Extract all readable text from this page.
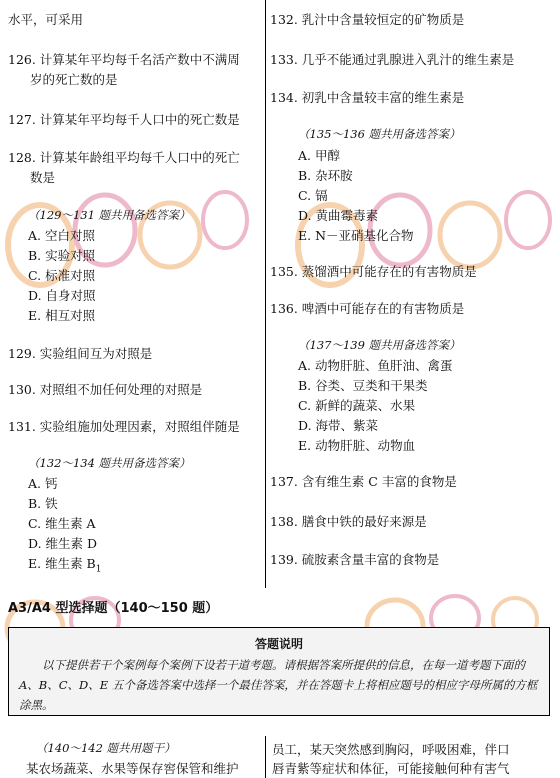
水平，可采用
126. 计算某年平均每千名活产数中不满周
岁的死亡数的是
127. 计算某年平均每千人口中的死亡数是
128. 计算某年龄组平均每千人口中的死亡
数是
（129～131 题共用备选答案）
A. 空白对照
B. 实验对照
C. 标准对照
D. 自身对照
E. 相互对照
129. 实验组间互为对照是
130. 对照组不加任何处理的对照是
131. 实验组施加处理因素，对照组伴随是
（132～134 题共用备选答案）
A. 钙
B. 铁
C. 维生素 A
D. 维生素 D
E. 维生素 $B_1$
132. 乳汁中含量较恒定的矿物质是
133. 几乎不能通过乳腺进入乳汁的维生素是
134. 初乳中含量较丰富的维生素是
（135～136 题共用备选答案）
A. 甲醇
B. 杂环胺
C. 镉
D. 黄曲霉毒素
E. N－亚硝基化合物
135. 蒸馏酒中可能存在的有害物质是
136. 啤酒中可能存在的有害物质是
（137～139 题共用备选答案）
A. 动物肝脏、鱼肝油、禽蛋
B. 谷类、豆类和干果类
C. 新鲜的蔬菜、水果
D. 海带、紫菜
E. 动物肝脏、动物血
137. 含有维生素 C 丰富的食物是
138. 膳食中铁的最好来源是
139. 硫胺素含量丰富的食物是
A3/A4 型选择题（140～150 题）
答题说明
以下提供若干个案例每个案例下设若干道考题。请根据答案所提供的信息，在每一道考题下面的 A、B、C、D、E 五个备选答案中选择一个最佳答案，并在答题卡上将相应题号的相应字母所属的方框涂黑。
（140～142 题共用题干）
某农场蔬菜、水果等保存窖保管和维护
员工，某天突然感到胸闷，呼吸困难，伴口
唇青紫等症状和体征，可能接触何种有害气
